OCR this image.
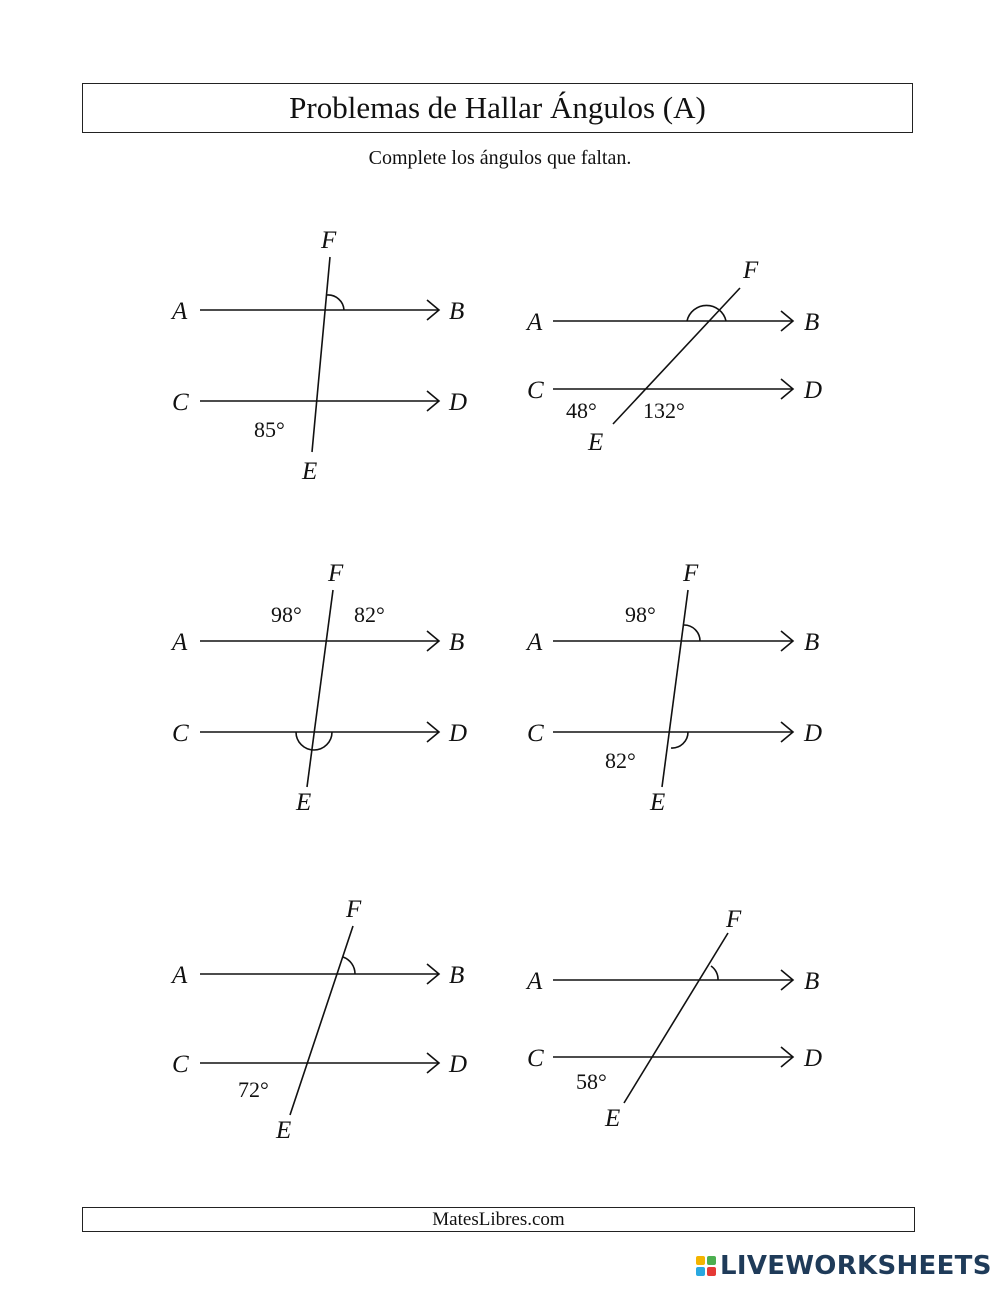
Problemas de Hallar Ángulos (A)
Complete los ángulos que faltan.
A	B
C	D
E
F
85°
A	B
C	D
E
F
48° 132°
A	B
C	D
E
F
98° 82°
A	B
C	D
E
F
98°
82°
A	B
C	D
E
F
72°
A	B
C	D
E
F
58°
MatesLibres.com
LIVEWORKSHEETS
